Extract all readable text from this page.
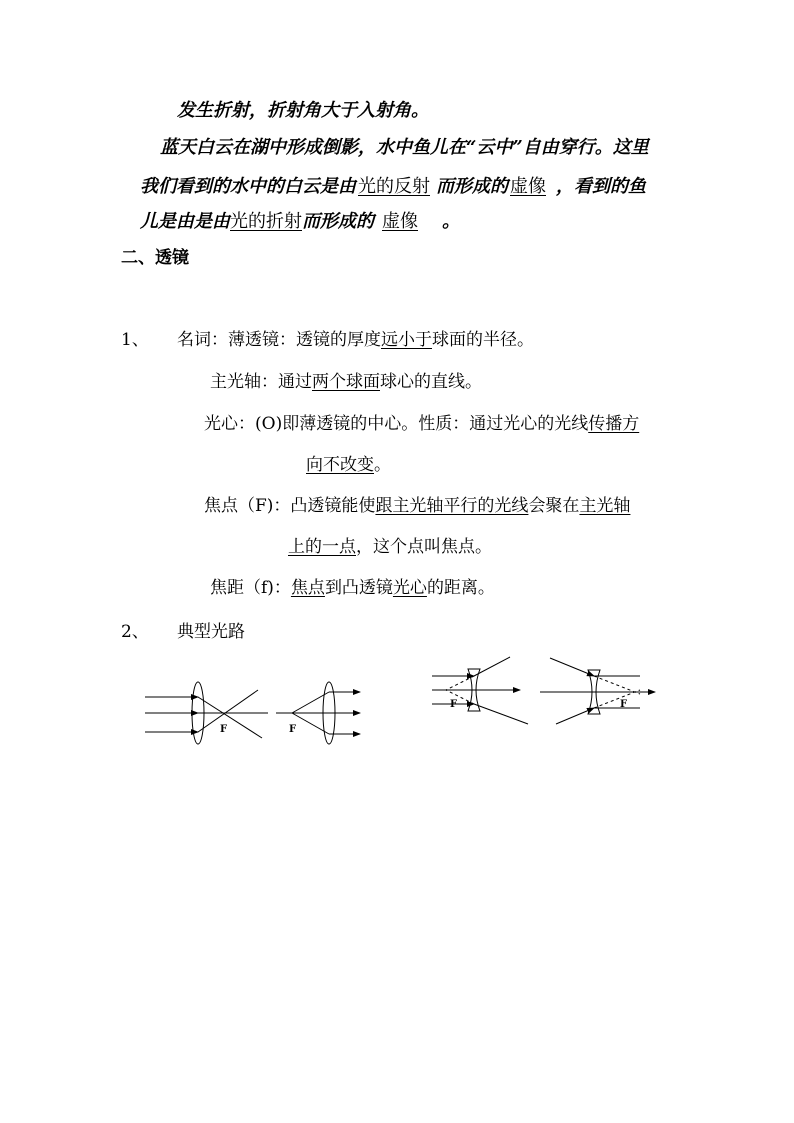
发生折射，折射角大于入射角。
蓝天白云在湖中形成倒影，水中鱼儿在“云中”自由穿行。这里
我们看到的水中的白云是由 光的反射 而形成的 虚像 ，看到的鱼
儿是由是由光的折射而形成的 虚像 。
二、透镜
1、 名词：薄透镜：透镜的厚度远小于球面的半径。
主光轴：通过两个球面球心的直线。
光心：(O)即薄透镜的中心。性质：通过光心的光线传播方
向不改变。
焦点（F)：凸透镜能使跟主光轴平行的光线会聚在主光轴
上的一点，这个点叫焦点。
焦距（f)：焦点到凸透镜光心的距离。
2、 典型光路
F	F
F	F
